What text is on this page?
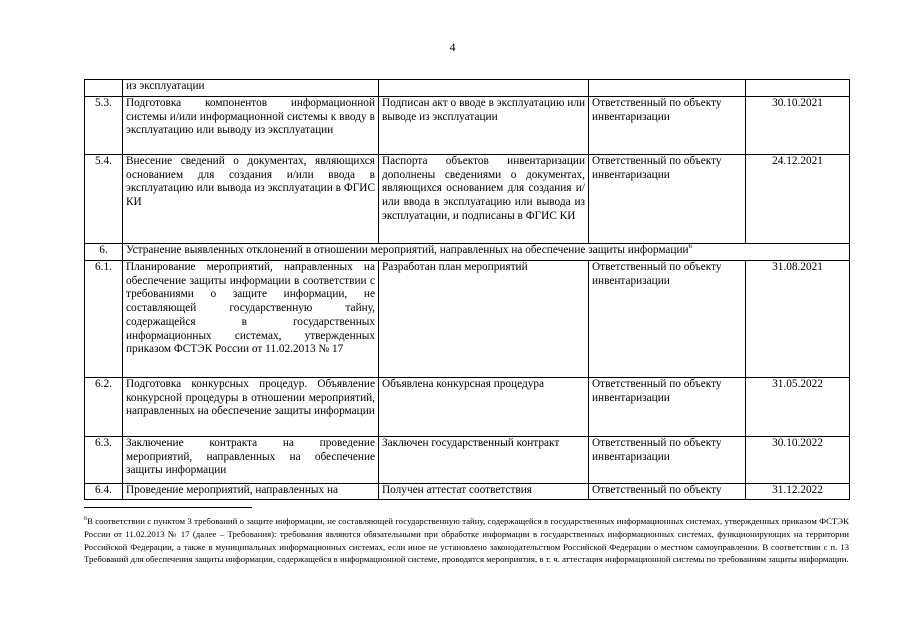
4
	из эксплуатации			
5.3.	Подготовка компонентов информационной системы и/или информационной системы к вводу в эксплуатацию или выводу из эксплуатации	Подписан акт о вводе в эксплуатацию или выводе из эксплуатации	Ответственный по объекту инвентаризации	30.10.2021
5.4.	Внесение сведений о документах, являющихся основанием для создания и/или ввода в эксплуатацию или вывода из эксплуатации в ФГИС КИ	Паспорта объектов инвентаризации дополнены сведениями о документах, являющихся основанием для создания и/или ввода в эксплуатацию или вывода из эксплуатации, и подписаны в ФГИС КИ	Ответственный по объекту инвентаризации	24.12.2021
6.	Устранение выявленных отклонений в отношении мероприятий, направленных на обеспечение защиты информации$^6$
6.1.	Планирование мероприятий, направленных на обеспечение защиты информации в соответствии с требованиями о защите информации, не составляющей государственную тайну, содержащейся в государственных информационных системах, утвержденных приказом ФСТЭК России от 11.02.2013 № 17	Разработан план мероприятий	Ответственный по объекту инвентаризации	31.08.2021
6.2.	Подготовка конкурсных процедур. Объявление конкурсной процедуры в отношении мероприятий, направленных на обеспечение защиты информации	Объявлена конкурсная процедура	Ответственный по объекту инвентаризации	31.05.2022
6.3.	Заключение контракта на проведение мероприятий, направленных на обеспечение защиты информации	Заключен государственный контракт	Ответственный по объекту инвентаризации	30.10.2022
6.4.	Проведение мероприятий, направленных на	Получен аттестат соответствия	Ответственный по объекту	31.12.2022
$^6$В соответствии с пунктом 3 требований о защите информации, не составляющей государственную тайну, содержащейся в государственных информационных системах, утвержденных приказом ФСТЭК России от 11.02.2013 № 17 (далее – Требования): требования являются обязательными при обработке информации в государственных информационных системах, функционирующих на территории Российской Федерации, а также в муниципальных информационных системах, если иное не установлено законодательством Российской Федерации о местном самоуправлении. В соответствии с п. 13 Требований для обеспечения защиты информации, содержащейся в информационной системе, проводятся мероприятия, в т. ч. аттестация информационной системы по требованиям защиты информации.
